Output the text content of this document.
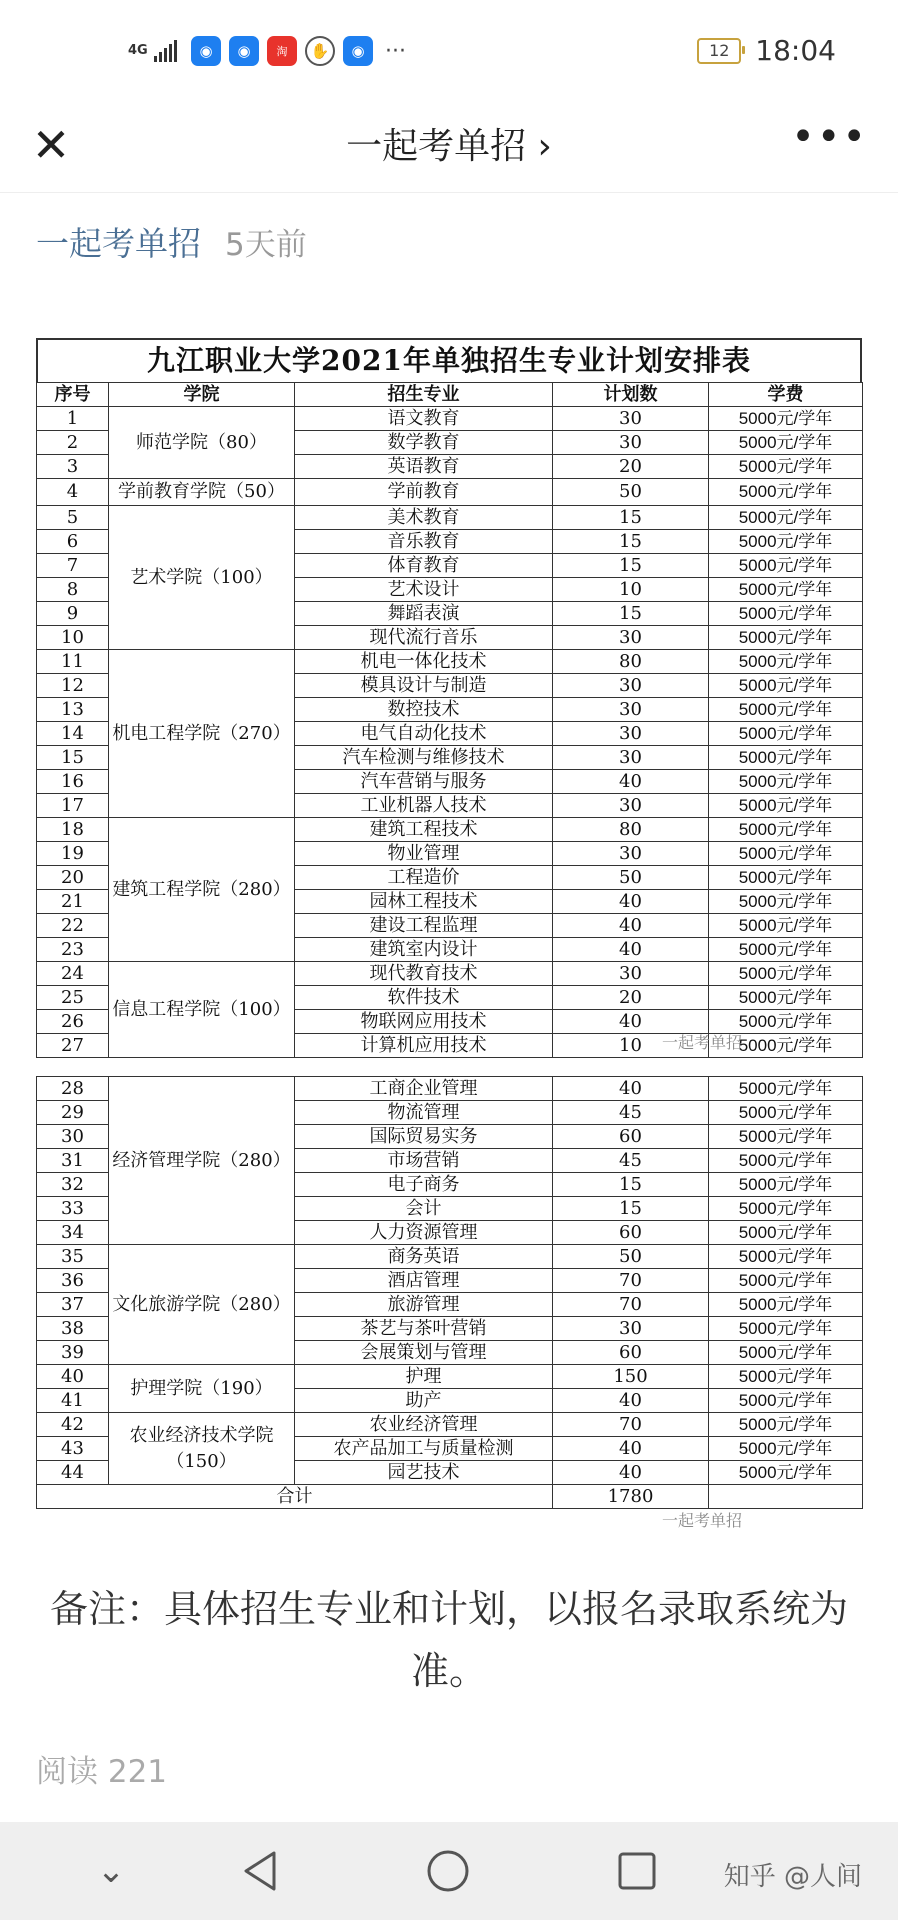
4G	◉	◉	淘	✋	◉ ···	12 18:04
✕	一起考单招 ›	•••
一起考单招 5天前
九江职业大学2021年单独招生专业计划安排表
序号	学院	招生专业	计划数	学费
1	师范学院（80）	语文教育	30	5000元/学年
2		数学教育	30	5000元/学年
3		英语教育	20	5000元/学年
4	学前教育学院（50）	学前教育	50	5000元/学年
5	艺术学院（100）	美术教育	15	5000元/学年
6		音乐教育	15	5000元/学年
7		体育教育	15	5000元/学年
8		艺术设计	10	5000元/学年
9		舞蹈表演	15	5000元/学年
10		现代流行音乐	30	5000元/学年
11	机电工程学院（270）	机电一体化技术	80	5000元/学年
12		模具设计与制造	30	5000元/学年
13		数控技术	30	5000元/学年
14		电气自动化技术	30	5000元/学年
15		汽车检测与维修技术	30	5000元/学年
16		汽车营销与服务	40	5000元/学年
17		工业机器人技术	30	5000元/学年
18	建筑工程学院（280）	建筑工程技术	80	5000元/学年
19		物业管理	30	5000元/学年
20		工程造价	50	5000元/学年
21		园林工程技术	40	5000元/学年
22		建设工程监理	40	5000元/学年
23		建筑室内设计	40	5000元/学年
24	信息工程学院（100）	现代教育技术	30	5000元/学年
25		软件技术	20	5000元/学年
26		物联网应用技术	40	5000元/学年
27		计算机应用技术	10	5000元/学年
28	经济管理学院（280）	工商企业管理	40	5000元/学年
29		物流管理	45	5000元/学年
30		国际贸易实务	60	5000元/学年
31		市场营销	45	5000元/学年
32		电子商务	15	5000元/学年
33		会计	15	5000元/学年
34		人力资源管理	60	5000元/学年
35	文化旅游学院（280）	商务英语	50	5000元/学年
36		酒店管理	70	5000元/学年
37		旅游管理	70	5000元/学年
38		茶艺与茶叶营销	30	5000元/学年
39		会展策划与管理	60	5000元/学年
40	护理学院（190）	护理	150	5000元/学年
41		助产	40	5000元/学年
42	农业经济技术学院（150）	农业经济管理	70	5000元/学年
43		农产品加工与质量检测	40	5000元/学年
44		园艺技术	40	5000元/学年
合计			1780	
一起考单招
一起考单招
备注：具体招生专业和计划，以报名录取系统为准。
阅读 221
⌄	知乎 @人间
